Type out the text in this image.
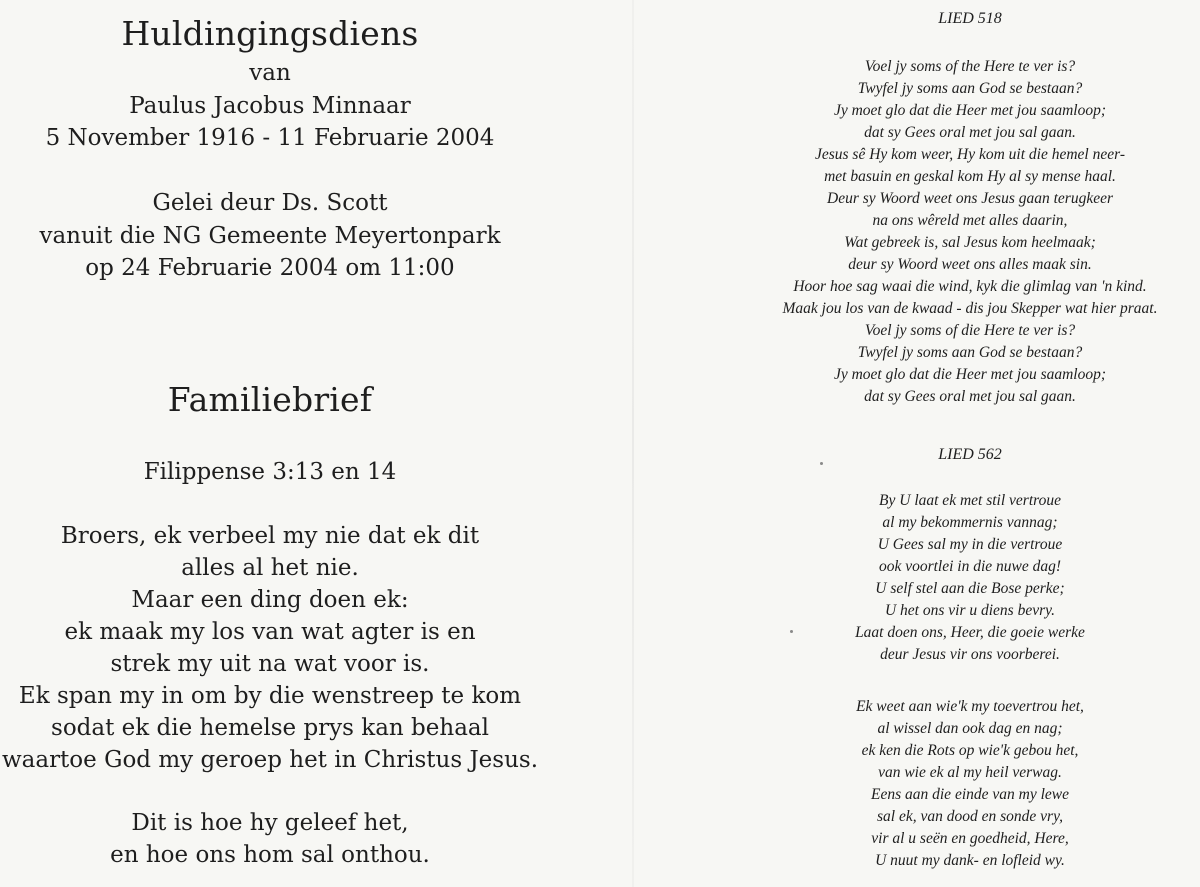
Huldingingsdiens
van
Paulus Jacobus Minnaar
5 November 1916 - 11 Februarie 2004
Gelei deur Ds. Scott
vanuit die NG Gemeente Meyertonpark
op 24 Februarie 2004 om 11:00
Familiebrief
Filippense 3:13 en 14
Broers, ek verbeel my nie dat ek dit
alles al het nie.
Maar een ding doen ek:
ek maak my los van wat agter is en
strek my uit na wat voor is.
Ek span my in om by die wenstreep te kom
sodat ek die hemelse prys kan behaal
waartoe God my geroep het in Christus Jesus.
Dit is hoe hy geleef het,
en hoe ons hom sal onthou.
LIED 518
Voel jy soms of the Here te ver is?
Twyfel jy soms aan God se bestaan?
Jy moet glo dat die Heer met jou saamloop;
dat sy Gees oral met jou sal gaan.
Jesus sê Hy kom weer, Hy kom uit die hemel neer-
met basuin en geskal kom Hy al sy mense haal.
Deur sy Woord weet ons Jesus gaan terugkeer
na ons wêreld met alles daarin,
Wat gebreek is, sal Jesus kom heelmaak;
deur sy Woord weet ons alles maak sin.
Hoor hoe sag waai die wind, kyk die glimlag van 'n kind.
Maak jou los van de kwaad - dis jou Skepper wat hier praat.
Voel jy soms of die Here te ver is?
Twyfel jy soms aan God se bestaan?
Jy moet glo dat die Heer met jou saamloop;
dat sy Gees oral met jou sal gaan.
LIED 562
By U laat ek met stil vertroue
al my bekommernis vannag;
U Gees sal my in die vertroue
ook voortlei in die nuwe dag!
U self stel aan die Bose perke;
U het ons vir u diens bevry.
Laat doen ons, Heer, die goeie werke
deur Jesus vir ons voorberei.
Ek weet aan wie'k my toevertrou het,
al wissel dan ook dag en nag;
ek ken die Rots op wie'k gebou het,
van wie ek al my heil verwag.
Eens aan die einde van my lewe
sal ek, van dood en sonde vry,
vir al u seën en goedheid, Here,
U nuut my dank- en lofleid wy.
